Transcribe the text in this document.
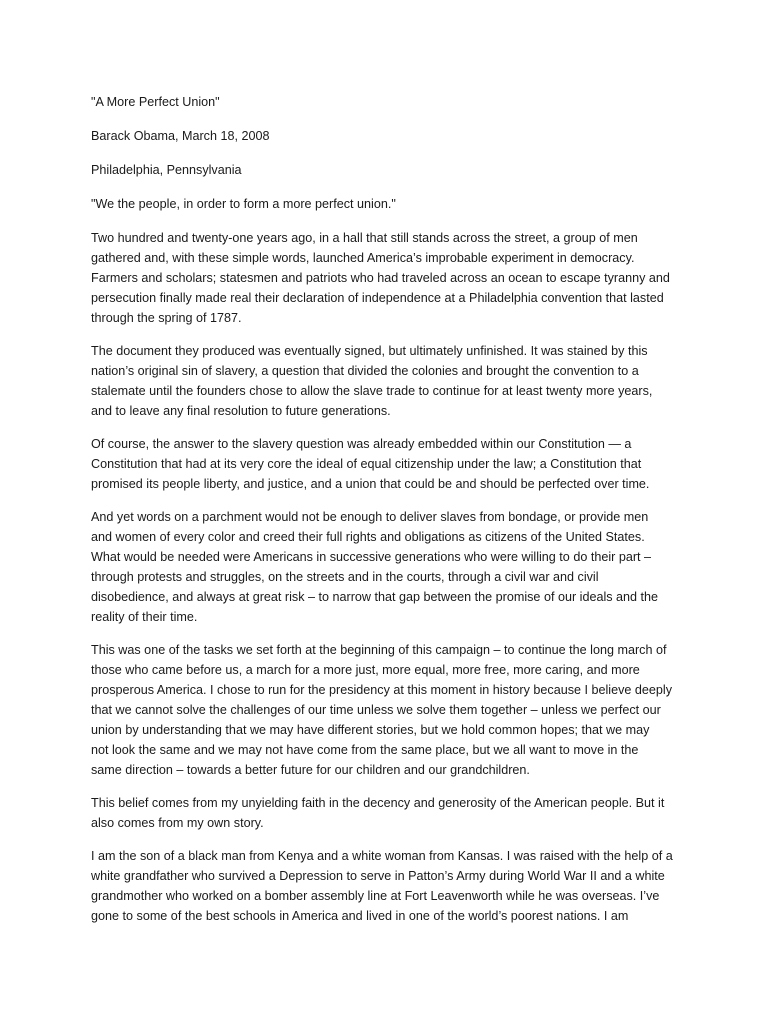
"A More Perfect Union"
Barack Obama, March 18, 2008
Philadelphia, Pennsylvania
"We the people, in order to form a more perfect union."
Two hundred and twenty-one years ago, in a hall that still stands across the street, a group of men
gathered and, with these simple words, launched America’s improbable experiment in democracy.
Farmers and scholars; statesmen and patriots who had traveled across an ocean to escape tyranny and
persecution finally made real their declaration of independence at a Philadelphia convention that lasted
through the spring of 1787.
The document they produced was eventually signed, but ultimately unfinished. It was stained by this
nation’s original sin of slavery, a question that divided the colonies and brought the convention to a
stalemate until the founders chose to allow the slave trade to continue for at least twenty more years,
and to leave any final resolution to future generations.
Of course, the answer to the slavery question was already embedded within our Constitution — a
Constitution that had at its very core the ideal of equal citizenship under the law; a Constitution that
promised its people liberty, and justice, and a union that could be and should be perfected over time.
And yet words on a parchment would not be enough to deliver slaves from bondage, or provide men
and women of every color and creed their full rights and obligations as citizens of the United States.
What would be needed were Americans in successive generations who were willing to do their part –
through protests and struggles, on the streets and in the courts, through a civil war and civil
disobedience, and always at great risk – to narrow that gap between the promise of our ideals and the
reality of their time.
This was one of the tasks we set forth at the beginning of this campaign – to continue the long march of
those who came before us, a march for a more just, more equal, more free, more caring, and more
prosperous America. I chose to run for the presidency at this moment in history because I believe deeply
that we cannot solve the challenges of our time unless we solve them together – unless we perfect our
union by understanding that we may have different stories, but we hold common hopes; that we may
not look the same and we may not have come from the same place, but we all want to move in the
same direction – towards a better future for our children and our grandchildren.
This belief comes from my unyielding faith in the decency and generosity of the American people. But it
also comes from my own story.
I am the son of a black man from Kenya and a white woman from Kansas. I was raised with the help of a
white grandfather who survived a Depression to serve in Patton’s Army during World War II and a white
grandmother who worked on a bomber assembly line at Fort Leavenworth while he was overseas. I’ve
gone to some of the best schools in America and lived in one of the world’s poorest nations. I am
